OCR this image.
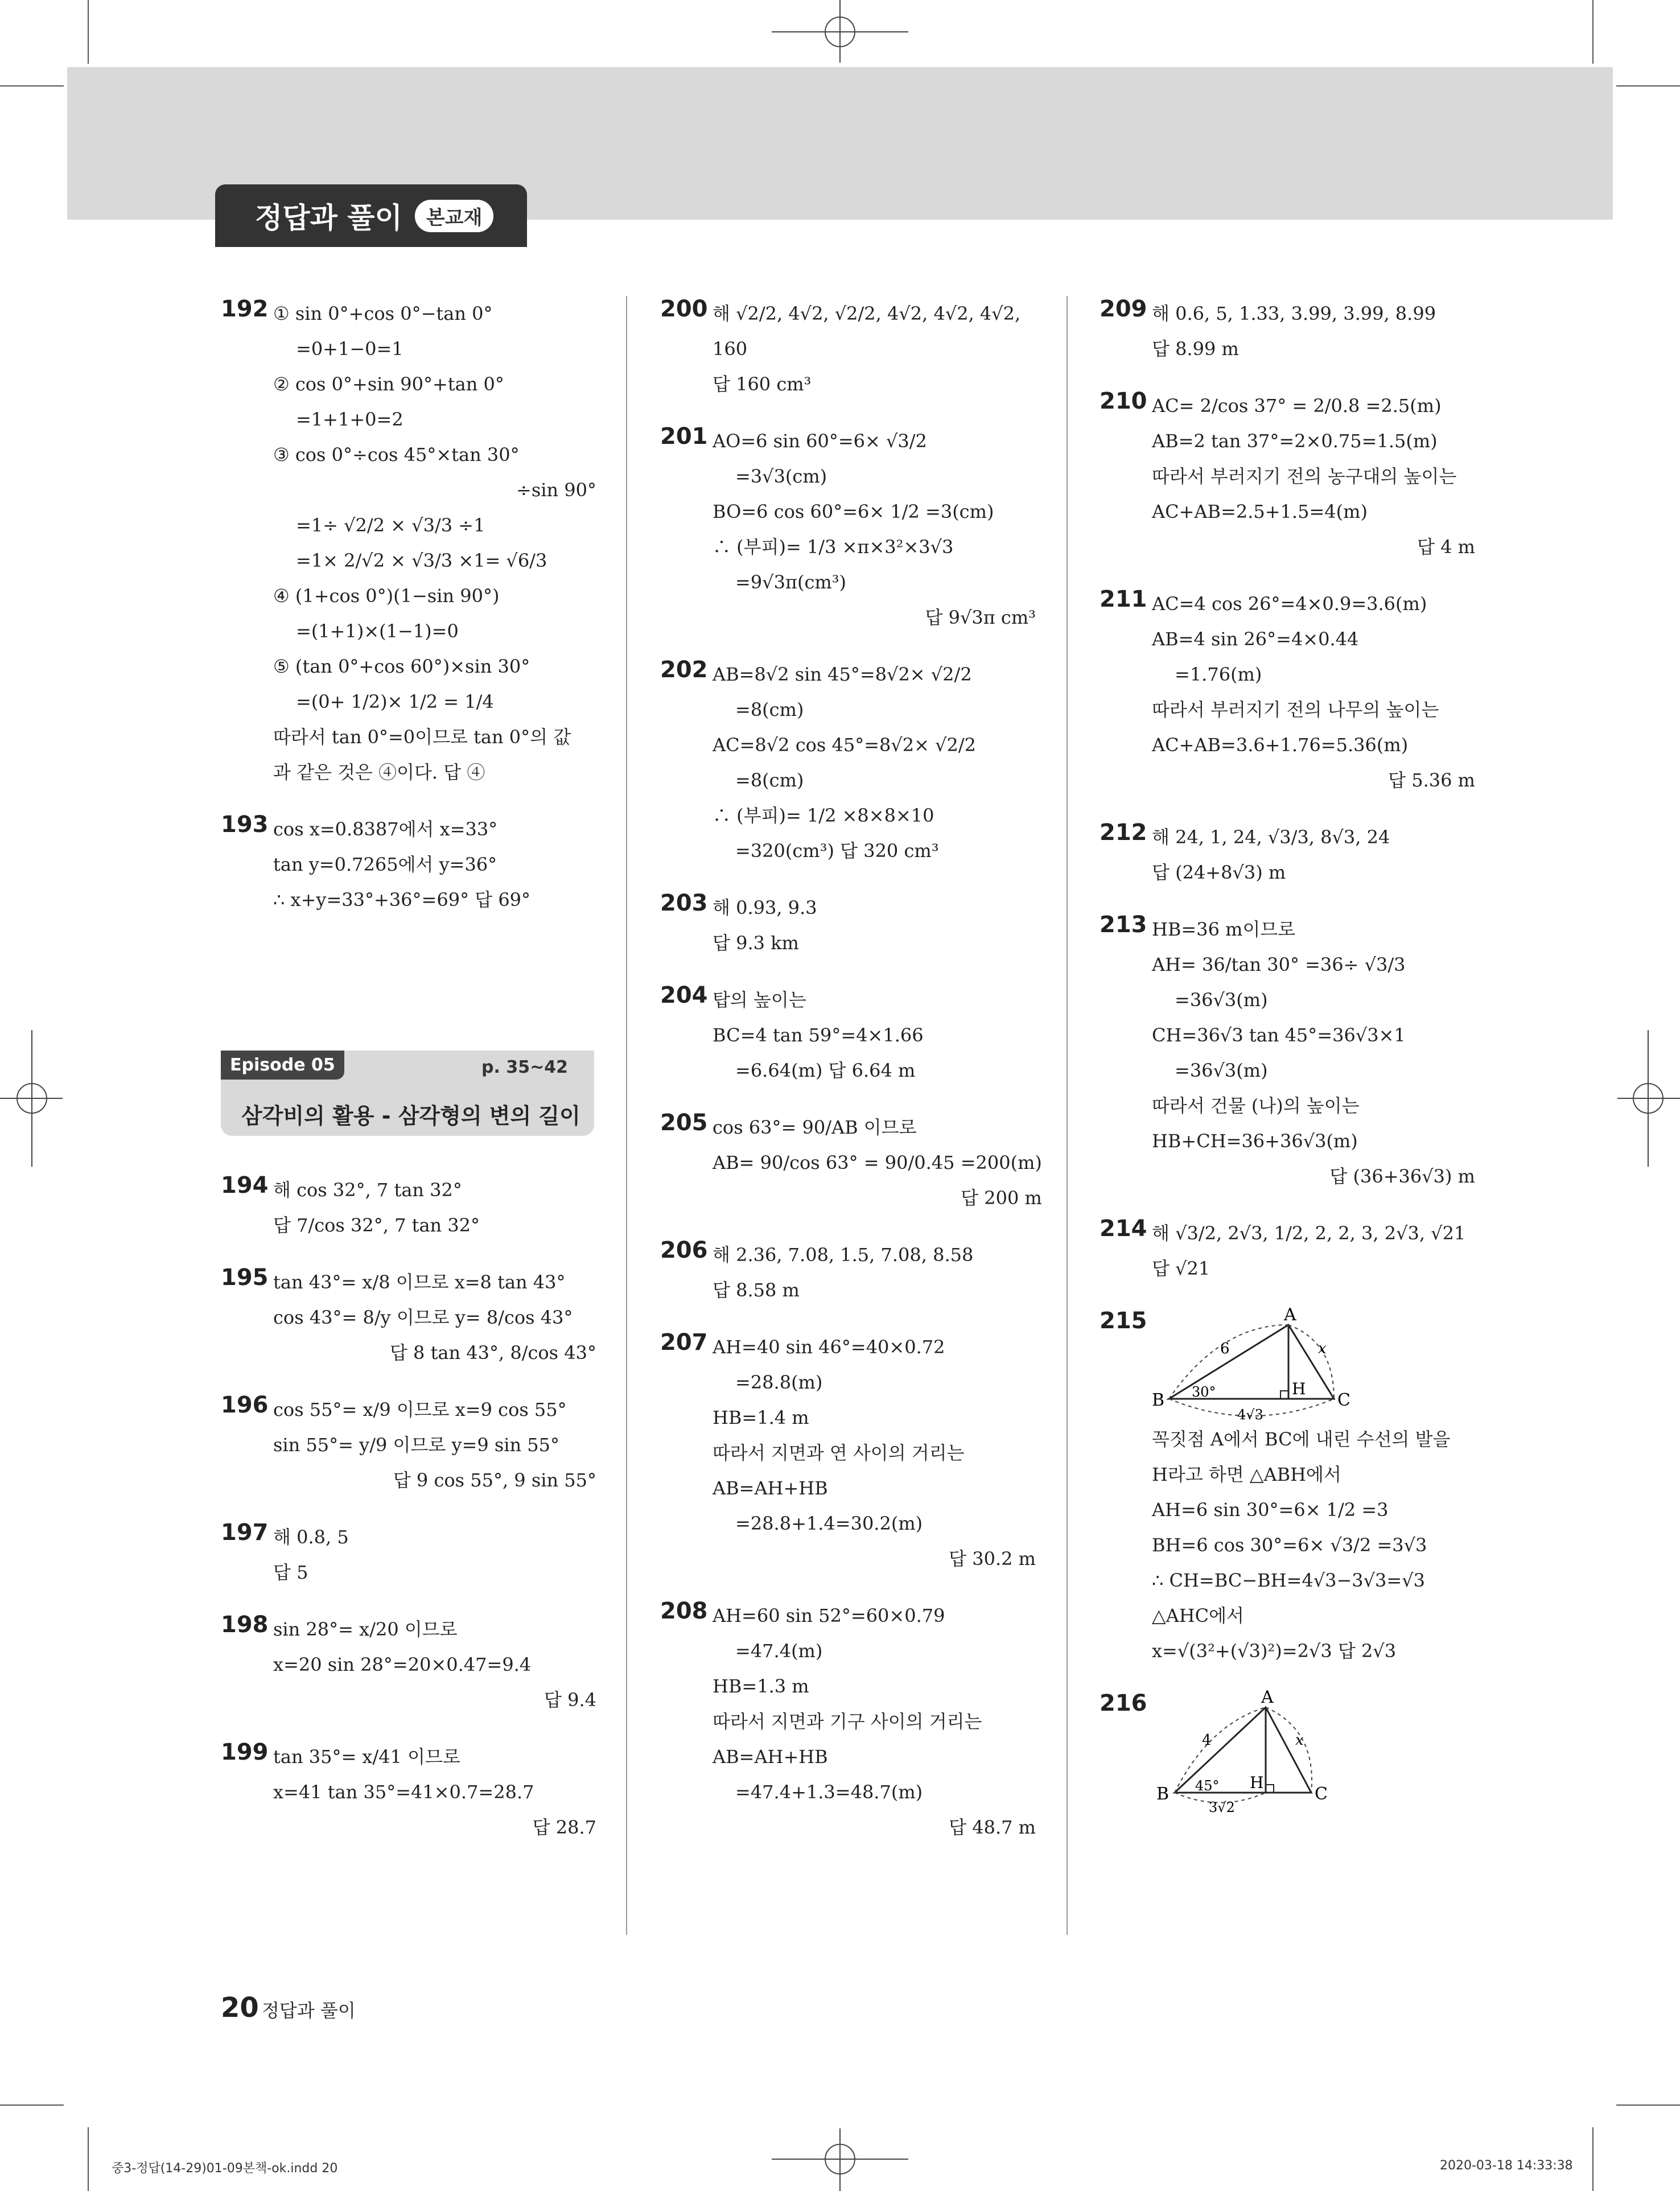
정답과 풀이	본교재
192 ① sin 0°+cos 0°−tan 0°
=0+1−0=1
② cos 0°+sin 90°+tan 0°
=1+1+0=2
③ cos 0°÷cos 45°×tan 30°
÷sin 90°
=1÷ √2/2 × √3/3 ÷1
=1× 2/√2 × √3/3 ×1= √6/3
④ (1+cos 0°)(1−sin 90°)
=(1+1)×(1−1)=0
⑤ (tan 0°+cos 60°)×sin 30°
=(0+ 1/2)× 1/2 = 1/4
따라서 tan 0°=0이므로 tan 0°의 값
과 같은 것은 ④이다. 답 ④
193 cos x=0.8387에서 x=33°
tan y=0.7265에서 y=36°
∴ x+y=33°+36°=69° 답 69°
Episode 05	p. 35~42
삼각비의 활용 - 삼각형의 변의 길이
194 해 cos 32°, 7 tan 32°
답 7/cos 32°, 7 tan 32°
195 tan 43°= x/8 이므로 x=8 tan 43°
cos 43°= 8/y 이므로 y= 8/cos 43°
답 8 tan 43°, 8/cos 43°
196 cos 55°= x/9 이므로 x=9 cos 55°
sin 55°= y/9 이므로 y=9 sin 55°
답 9 cos 55°, 9 sin 55°
197 해 0.8, 5
답 5
198 sin 28°= x/20 이므로
x=20 sin 28°=20×0.47=9.4
답 9.4
199 tan 35°= x/41 이므로
x=41 tan 35°=41×0.7=28.7
답 28.7
200 해 √2/2, 4√2, √2/2, 4√2, 4√2, 4√2,
160
답 160 cm³
201 AO=6 sin 60°=6× √3/2
=3√3(cm)
BO=6 cos 60°=6× 1/2 =3(cm)
∴ (부피)= 1/3 ×π×3²×3√3
=9√3π(cm³)
답 9√3π cm³
202 AB=8√2 sin 45°=8√2× √2/2
=8(cm)
AC=8√2 cos 45°=8√2× √2/2
=8(cm)
∴ (부피)= 1/2 ×8×8×10
=320(cm³) 답 320 cm³
203 해 0.93, 9.3
답 9.3 km
204 탑의 높이는
BC=4 tan 59°=4×1.66
=6.64(m) 답 6.64 m
205 cos 63°= 90/AB 이므로
AB= 90/cos 63° = 90/0.45 =200(m)
답 200 m
206 해 2.36, 7.08, 1.5, 7.08, 8.58
답 8.58 m
207 AH=40 sin 46°=40×0.72
=28.8(m)
HB=1.4 m
따라서 지면과 연 사이의 거리는
AB=AH+HB
=28.8+1.4=30.2(m)
답 30.2 m
208 AH=60 sin 52°=60×0.79
=47.4(m)
HB=1.3 m
따라서 지면과 기구 사이의 거리는
AB=AH+HB
=47.4+1.3=48.7(m)
답 48.7 m
209 해 0.6, 5, 1.33, 3.99, 3.99, 8.99
답 8.99 m
210 AC= 2/cos 37° = 2/0.8 =2.5(m)
AB=2 tan 37°=2×0.75=1.5(m)
따라서 부러지기 전의 농구대의 높이는
AC+AB=2.5+1.5=4(m)
답 4 m
211 AC=4 cos 26°=4×0.9=3.6(m)
AB=4 sin 26°=4×0.44
=1.76(m)
따라서 부러지기 전의 나무의 높이는
AC+AB=3.6+1.76=5.36(m)
답 5.36 m
212 해 24, 1, 24, √3/3, 8√3, 24
답 (24+8√3) m
213 HB=36 m이므로
AH= 36/tan 30° =36÷ √3/3
=36√3(m)
CH=36√3 tan 45°=36√3×1
=36√3(m)
따라서 건물 (나)의 높이는
HB+CH=36+36√3(m)
답 (36+36√3) m
214 해 √3/2, 2√3, 1/2, 2, 2, 3, 2√3, √21
답 √21
215	A
B	C
H
6	x
30°
4√3
꼭짓점 A에서 BC에 내린 수선의 발을
H라고 하면 △ABH에서
AH=6 sin 30°=6× 1/2 =3
BH=6 cos 30°=6× √3/2 =3√3
∴ CH=BC−BH=4√3−3√3=√3
△AHC에서
x=√(3²+(√3)²)=2√3 답 2√3
216	A
B	C
H
4	x
45°
3√2
20 정답과 풀이
중3-정답(14-29)01-09본책-ok.indd 20	2020-03-18 14:33:38
